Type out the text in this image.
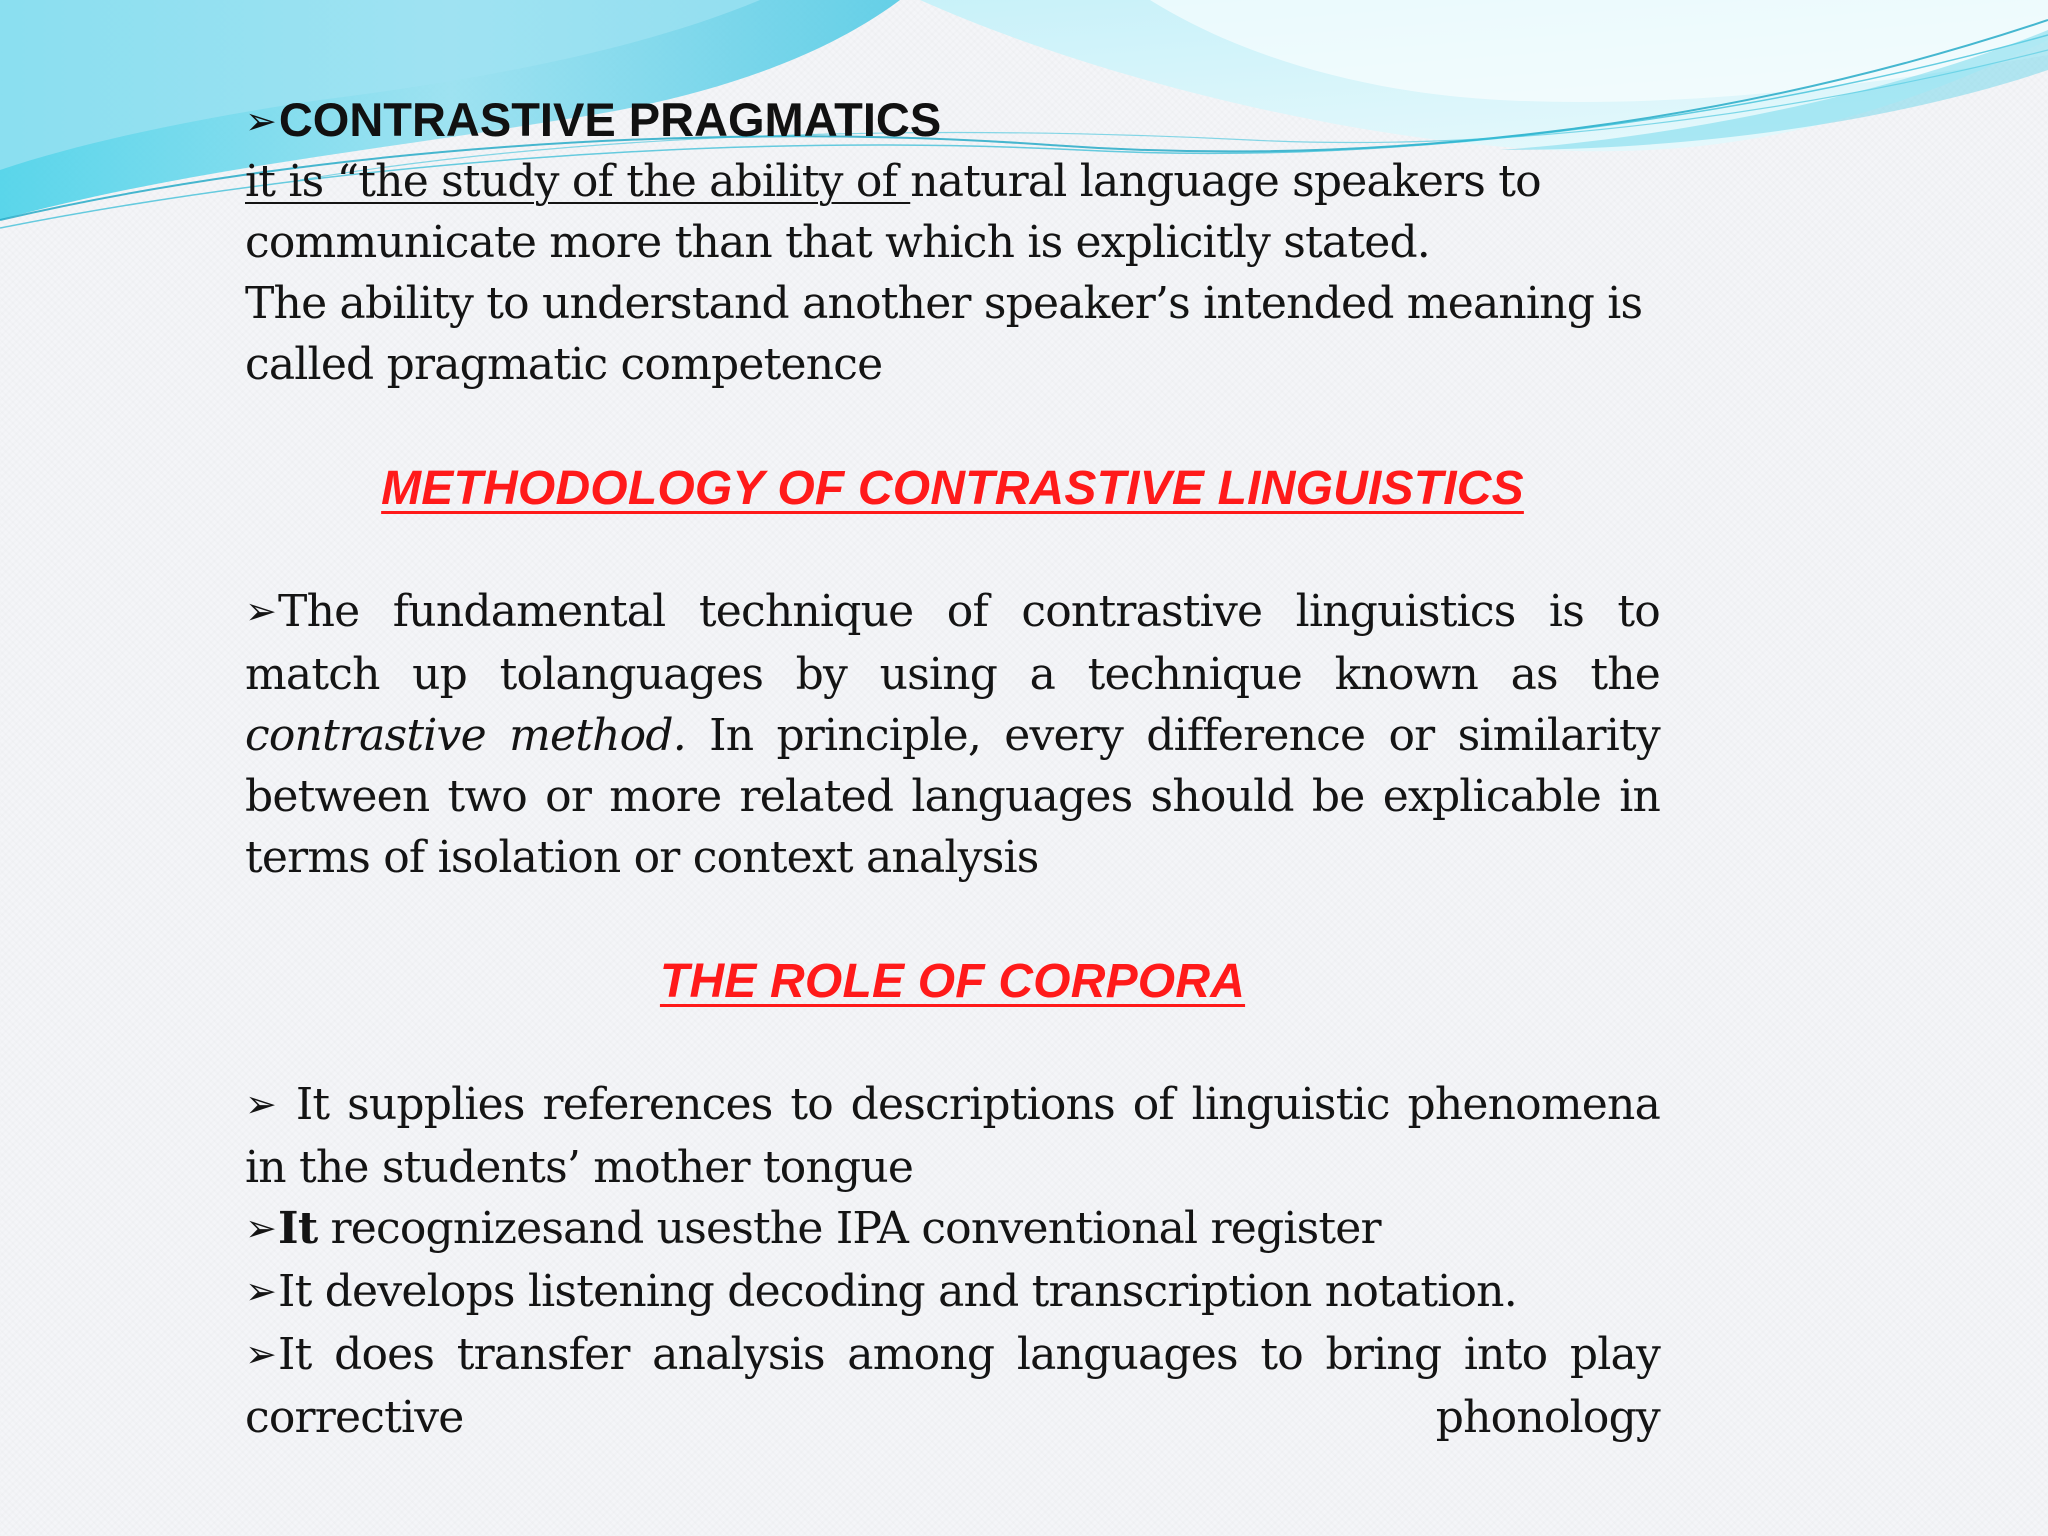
➢CONTRASTIVE PRAGMATICS

it is “the study of the ability of natural language speakers to communicate more than that which is explicitly stated.

The ability to understand another speaker’s intended meaning is called pragmatic competence

METHODOLOGY OF CONTRASTIVE LINGUISTICS

➢The fundamental technique of contrastive linguistics is to match up tolanguages by using a technique known as the contrastive method. In principle, every difference or similarity between two or more related languages should be explicable in terms of isolation or context analysis

THE ROLE OF CORPORA

➢ It supplies references to descriptions of linguistic phenomena in the students’ mother tongue

➢It recognizesand usesthe IPA conventional register

➢It develops listening decoding and transcription notation.

➢It does transfer analysis among languages to bring into play

corrective	phonology
